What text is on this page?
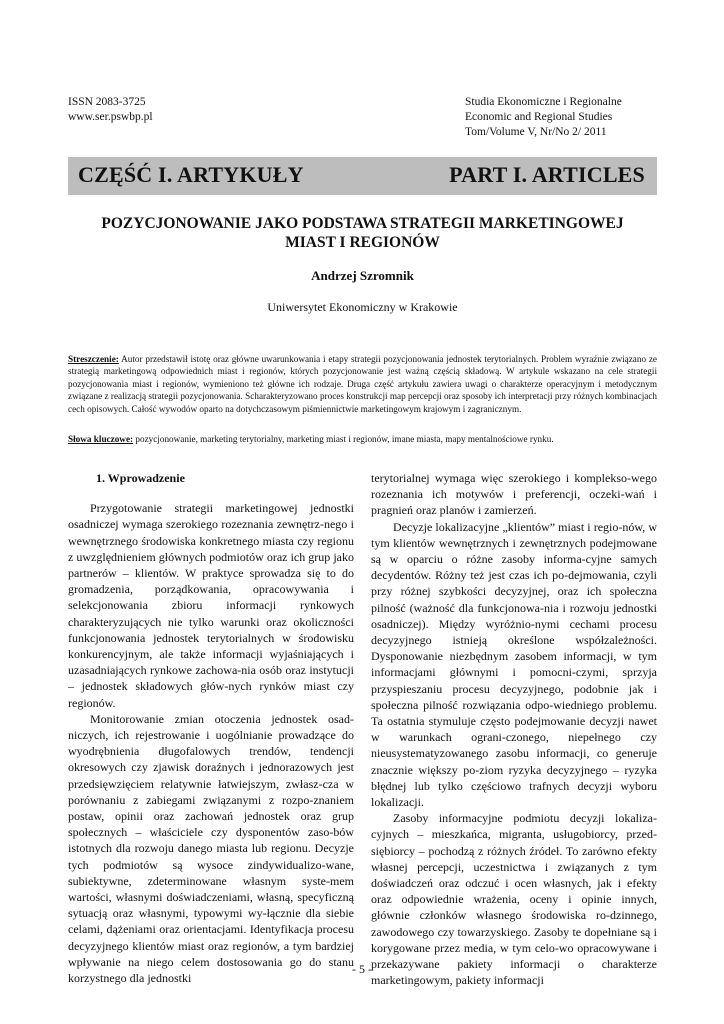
ISSN 2083-3725
www.ser.pswbp.pl
Studia Ekonomiczne i Regionalne
Economic and Regional Studies
Tom/Volume V, Nr/No 2/ 2011
CZĘŚĆ I. ARTYKUŁY	PART I. ARTICLES
POZYCJONOWANIE JAKO PODSTAWA STRATEGII MARKETINGOWEJ
MIAST I REGIONÓW
Andrzej Szromnik
Uniwersytet Ekonomiczny w Krakowie
Streszczenie: Autor przedstawił istotę oraz główne uwarunkowania i etapy strategii pozycjonowania jednostek terytorialnych. Problem wyraźnie związano ze strategią marketingową odpowiednich miast i regionów, których pozycjonowanie jest ważną częścią składową. W artykule wskazano na cele strategii pozycjonowania miast i regionów, wymieniono też główne ich rodzaje. Druga część artykułu zawiera uwagi o charakterze operacyjnym i metodycznym związane z realizacją strategii pozycjonowania. Scharakteryzowano proces konstrukcji map percepcji oraz sposoby ich interpretacji przy różnych kombinacjach cech opisowych. Całość wywodów oparto na dotychczasowym piśmiennictwie marketingowym krajowym i zagranicznym.
Słowa kluczowe: pozycjonowanie, marketing terytorialny, marketing miast i regionów, imane miasta, mapy mentalnościowe rynku.
1. Wprowadzenie

Przygotowanie strategii marketingowej jednostki osadniczej wymaga szerokiego rozeznania zewnętrz-nego i wewnętrznego środowiska konkretnego miasta czy regionu z uwzględnieniem głównych podmiotów oraz ich grup jako partnerów – klientów. W praktyce sprowadza się to do gromadzenia, porządkowania, opracowywania i selekcjonowania zbioru informacji rynkowych charakteryzujących nie tylko warunki oraz okoliczności funkcjonowania jednostek terytorialnych w środowisku konkurencyjnym, ale także informacji wyjaśniających i uzasadniających rynkowe zachowa-nia osób oraz instytucji – jednostek składowych głów-nych rynków miast czy regionów.

Monitorowanie zmian otoczenia jednostek osad-niczych, ich rejestrowanie i uogólnianie prowadzące do wyodrębnienia długofalowych trendów, tendencji okresowych czy zjawisk doraźnych i jednorazowych jest przedsięwzięciem relatywnie łatwiejszym, zwłasz-cza w porównaniu z zabiegami związanymi z rozpo-znaniem postaw, opinii oraz zachowań jednostek oraz grup społecznych – właściciele czy dysponentów zaso-bów istotnych dla rozwoju danego miasta lub regionu. Decyzje tych podmiotów są wysoce zindywidualizo-wane, subiektywne, zdeterminowane własnym syste-mem wartości, własnymi doświadczeniami, własną, specyficzną sytuacją oraz własnymi, typowymi wy-łącznie dla siebie celami, dążeniami oraz orientacjami. Identyfikacja procesu decyzyjnego klientów miast oraz regionów, a tym bardziej wpływanie na niego celem dostosowania go do stanu korzystnego dla jednostki

terytorialnej wymaga więc szerokiego i komplekso-wego rozeznania ich motywów i preferencji, oczeki-wań i pragnień oraz planów i zamierzeń.

Decyzje lokalizacyjne „klientów” miast i regio-nów, w tym klientów wewnętrznych i zewnętrznych podejmowane są w oparciu o różne zasoby informa-cyjne samych decydentów. Różny też jest czas ich po-dejmowania, czyli przy różnej szybkości decyzyjnej, oraz ich społeczna pilność (ważność dla funkcjonowa-nia i rozwoju jednostki osadniczej). Między wyróżnio-nymi cechami procesu decyzyjnego istnieją określone współzależności. Dysponowanie niezbędnym zasobem informacji, w tym informacjami głównymi i pomocni-czymi, sprzyja przyspieszaniu procesu decyzyjnego, podobnie jak i społeczna pilność rozwiązania odpo-wiedniego problemu. Ta ostatnia stymuluje często podejmowanie decyzji nawet w warunkach ograni-czonego, niepełnego czy nieusystematyzowanego zasobu informacji, co generuje znacznie większy po-ziom ryzyka decyzyjnego – ryzyka błędnej lub tylko częściowo trafnych decyzji wyboru lokalizacji.

Zasoby informacyjne podmiotu decyzji lokaliza-cyjnych – mieszkańca, migranta, usługobiorcy, przed-siębiorcy – pochodzą z różnych źródeł. To zarówno efekty własnej percepcji, uczestnictwa i związanych z tym doświadczeń oraz odczuć i ocen własnych, jak i efekty oraz odpowiednie wrażenia, oceny i opinie innych, głównie członków własnego środowiska ro-dzinnego, zawodowego czy towarzyskiego. Zasoby te dopełniane są i korygowane przez media, w tym celo-wo opracowywane i przekazywane pakiety informacji o charakterze marketingowym, pakiety informacji

- 5 -
